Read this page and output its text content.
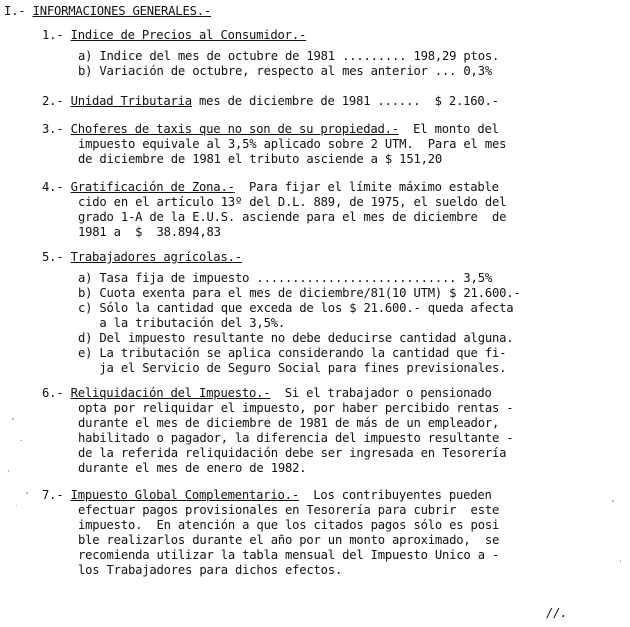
I.- INFORMACIONES GENERALES.-
1.- Indice de Precios al Consumidor.-
a) Indice del mes de octubre de 1981 ......... 198,29 ptos.
b) Variación de octubre, respecto al mes anterior ... 0,3%
2.- Unidad Tributaria mes de diciembre de 1981 ......  $ 2.160.-
3.- Choferes de taxis que no son de su propiedad.-  El monto del
impuesto equivale al 3,5% aplicado sobre 2 UTM.  Para el mes
de diciembre de 1981 el tributo asciende a $ 151,20
4.- Gratificación de Zona.-  Para fijar el límite máximo estable
cido en el artículo 13º del D.L. 889, de 1975, el sueldo del
grado 1-A de la E.U.S. asciende para el mes de diciembre  de
1981 a  $  38.894,83
5.- Trabajadores agrícolas.-
a) Tasa fija de impuesto ............................ 3,5%
b) Cuota exenta para el mes de diciembre/81(10 UTM) $ 21.600.-
c) Sólo la cantidad que exceda de los $ 21.600.- queda afecta
a la tributación del 3,5%.
d) Del impuesto resultante no debe deducirse cantidad alguna.
e) La tributación se aplica considerando la cantidad que fi-
ja el Servicio de Seguro Social para fines previsionales.
6.- Reliquidación del Impuesto.-  Si el trabajador o pensionado
opta por reliquidar el impuesto, por haber percibido rentas -
durante el mes de diciembre de 1981 de más de un empleador,
habilitado o pagador, la diferencia del impuesto resultante -
de la referida reliquidación debe ser ingresada en Tesorería
durante el mes de enero de 1982.
7.- Impuesto Global Complementario.-  Los contribuyentes pueden
efectuar pagos provisionales en Tesorería para cubrir  este
impuesto.  En atención a que los citados pagos sólo es posi
ble realizarlos durante el año por un monto aproximado,  se
recomienda utilizar la tabla mensual del Impuesto Unico a -
los Trabajadores para dichos efectos.
//.
